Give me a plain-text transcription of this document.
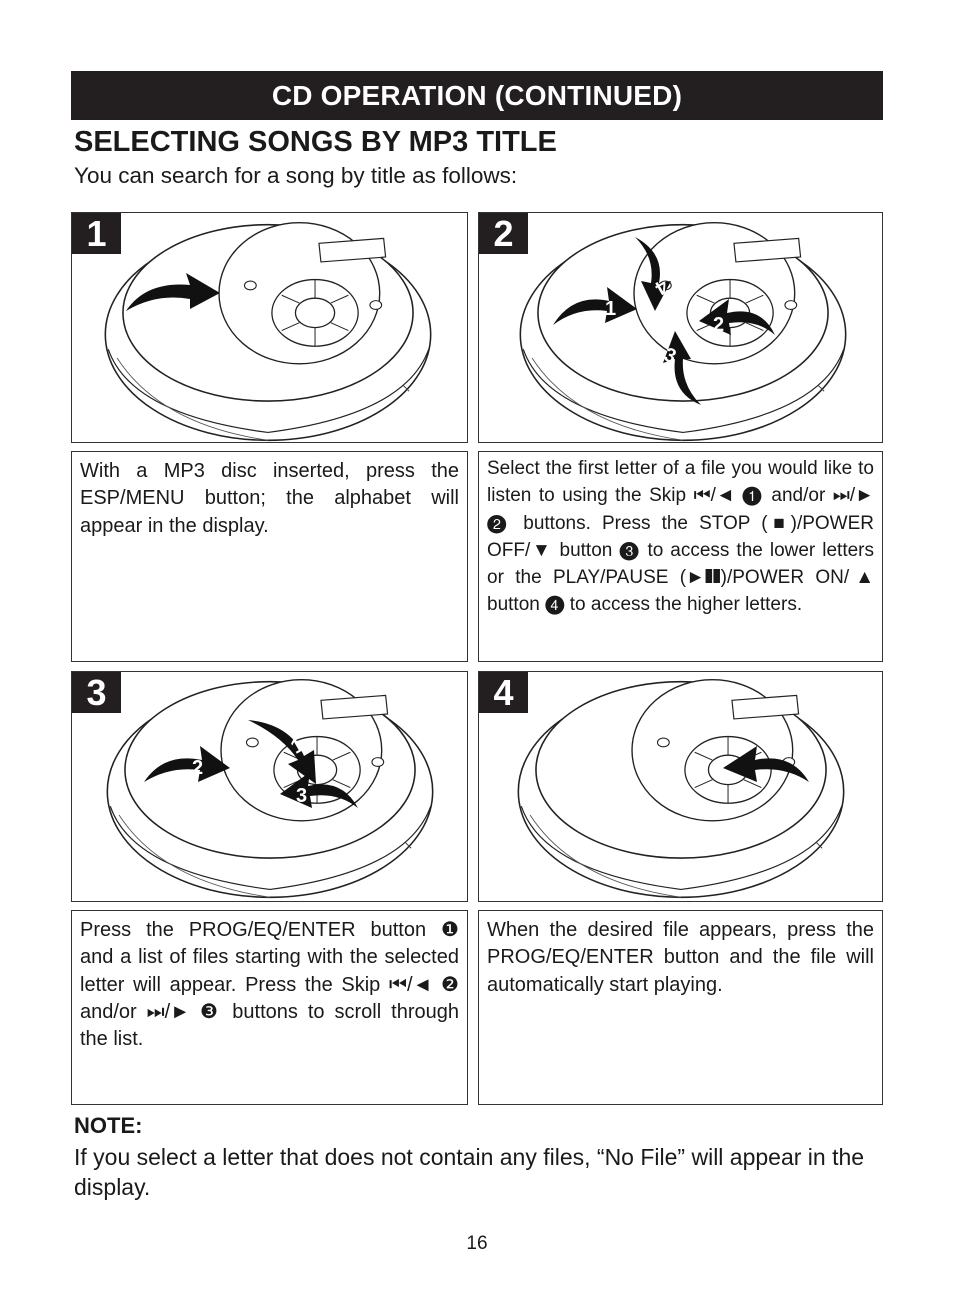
CD OPERATION (CONTINUED)
SELECTING SONGS BY MP3 TITLE
You can search for a song by title as follows:
1
1
2
3
4
2
With a MP3 disc inserted, press the ESP/MENU button; the alphabet will appear in the display.
Select the first letter of a file you would like to listen to using the Skip ⏮/◄ ❶ and/or ⏭/► ❷ buttons. Press the STOP (■)/POWER OFF/▼ button ❸ to access the lower letters or the PLAY/PAUSE (►❚❚)/POWER ON/▲ button ❹ to access the higher letters.
1
2
3
3	4
Press the PROG/EQ/ENTER button ❶ and a list of files starting with the selected letter will appear. Press the Skip ⏮/◄ ❷ and/or ⏭/► ❸ buttons to scroll through the list.
When the desired file appears, press the PROG/EQ/ENTER button and the file will automatically start playing.
NOTE:
If you select a letter that does not contain any files, “No File” will appear in the display.
16
